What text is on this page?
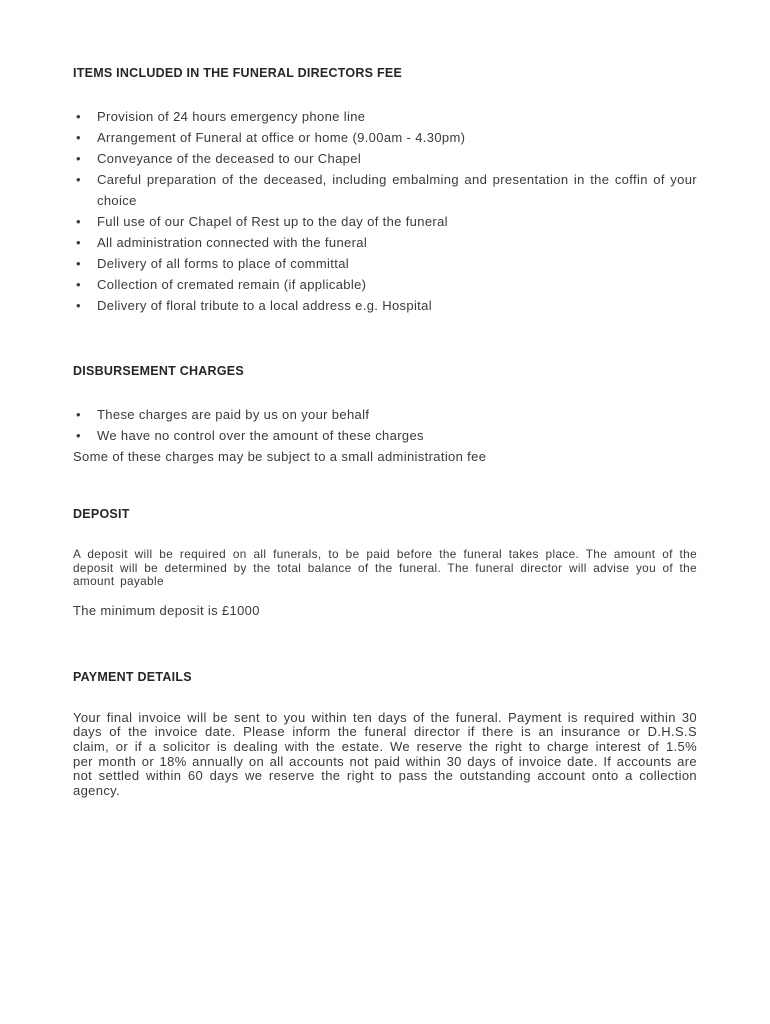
ITEMS INCLUDED IN THE FUNERAL DIRECTORS FEE
•	Provision of 24 hours emergency phone line
•	Arrangement of Funeral at office or home (9.00am - 4.30pm)
•	Conveyance of the deceased to our Chapel
•	Careful preparation of the deceased, including embalming and presentation in the coffin of your choice
•	Full use of our Chapel of Rest up to the day of the funeral
•	All administration connected with the funeral
•	Delivery of all forms to place of committal
•	Collection of cremated remain (if applicable)
•	Delivery of floral tribute to a local address e.g. Hospital
DISBURSEMENT CHARGES
•	These charges are paid by us on your behalf
•	We have no control over the amount of these charges

Some of these charges may be subject to a small administration fee

DEPOSIT

A deposit will be required on all funerals, to be paid before the funeral takes place. The amount of the deposit will be determined by the total balance of the funeral. The funeral director will advise you of the amount payable

The minimum deposit is £1000

PAYMENT DETAILS

Your final invoice will be sent to you within ten days of the funeral. Payment is required within 30 days of the invoice date. Please inform the funeral director if there is an insurance or D.H.S.S claim, or if a solicitor is dealing with the estate. We reserve the right to charge interest of 1.5% per month or 18% annually on all accounts not paid within 30 days of invoice date. If accounts are not settled within 60 days we reserve the right to pass the outstanding account onto a collection agency.
